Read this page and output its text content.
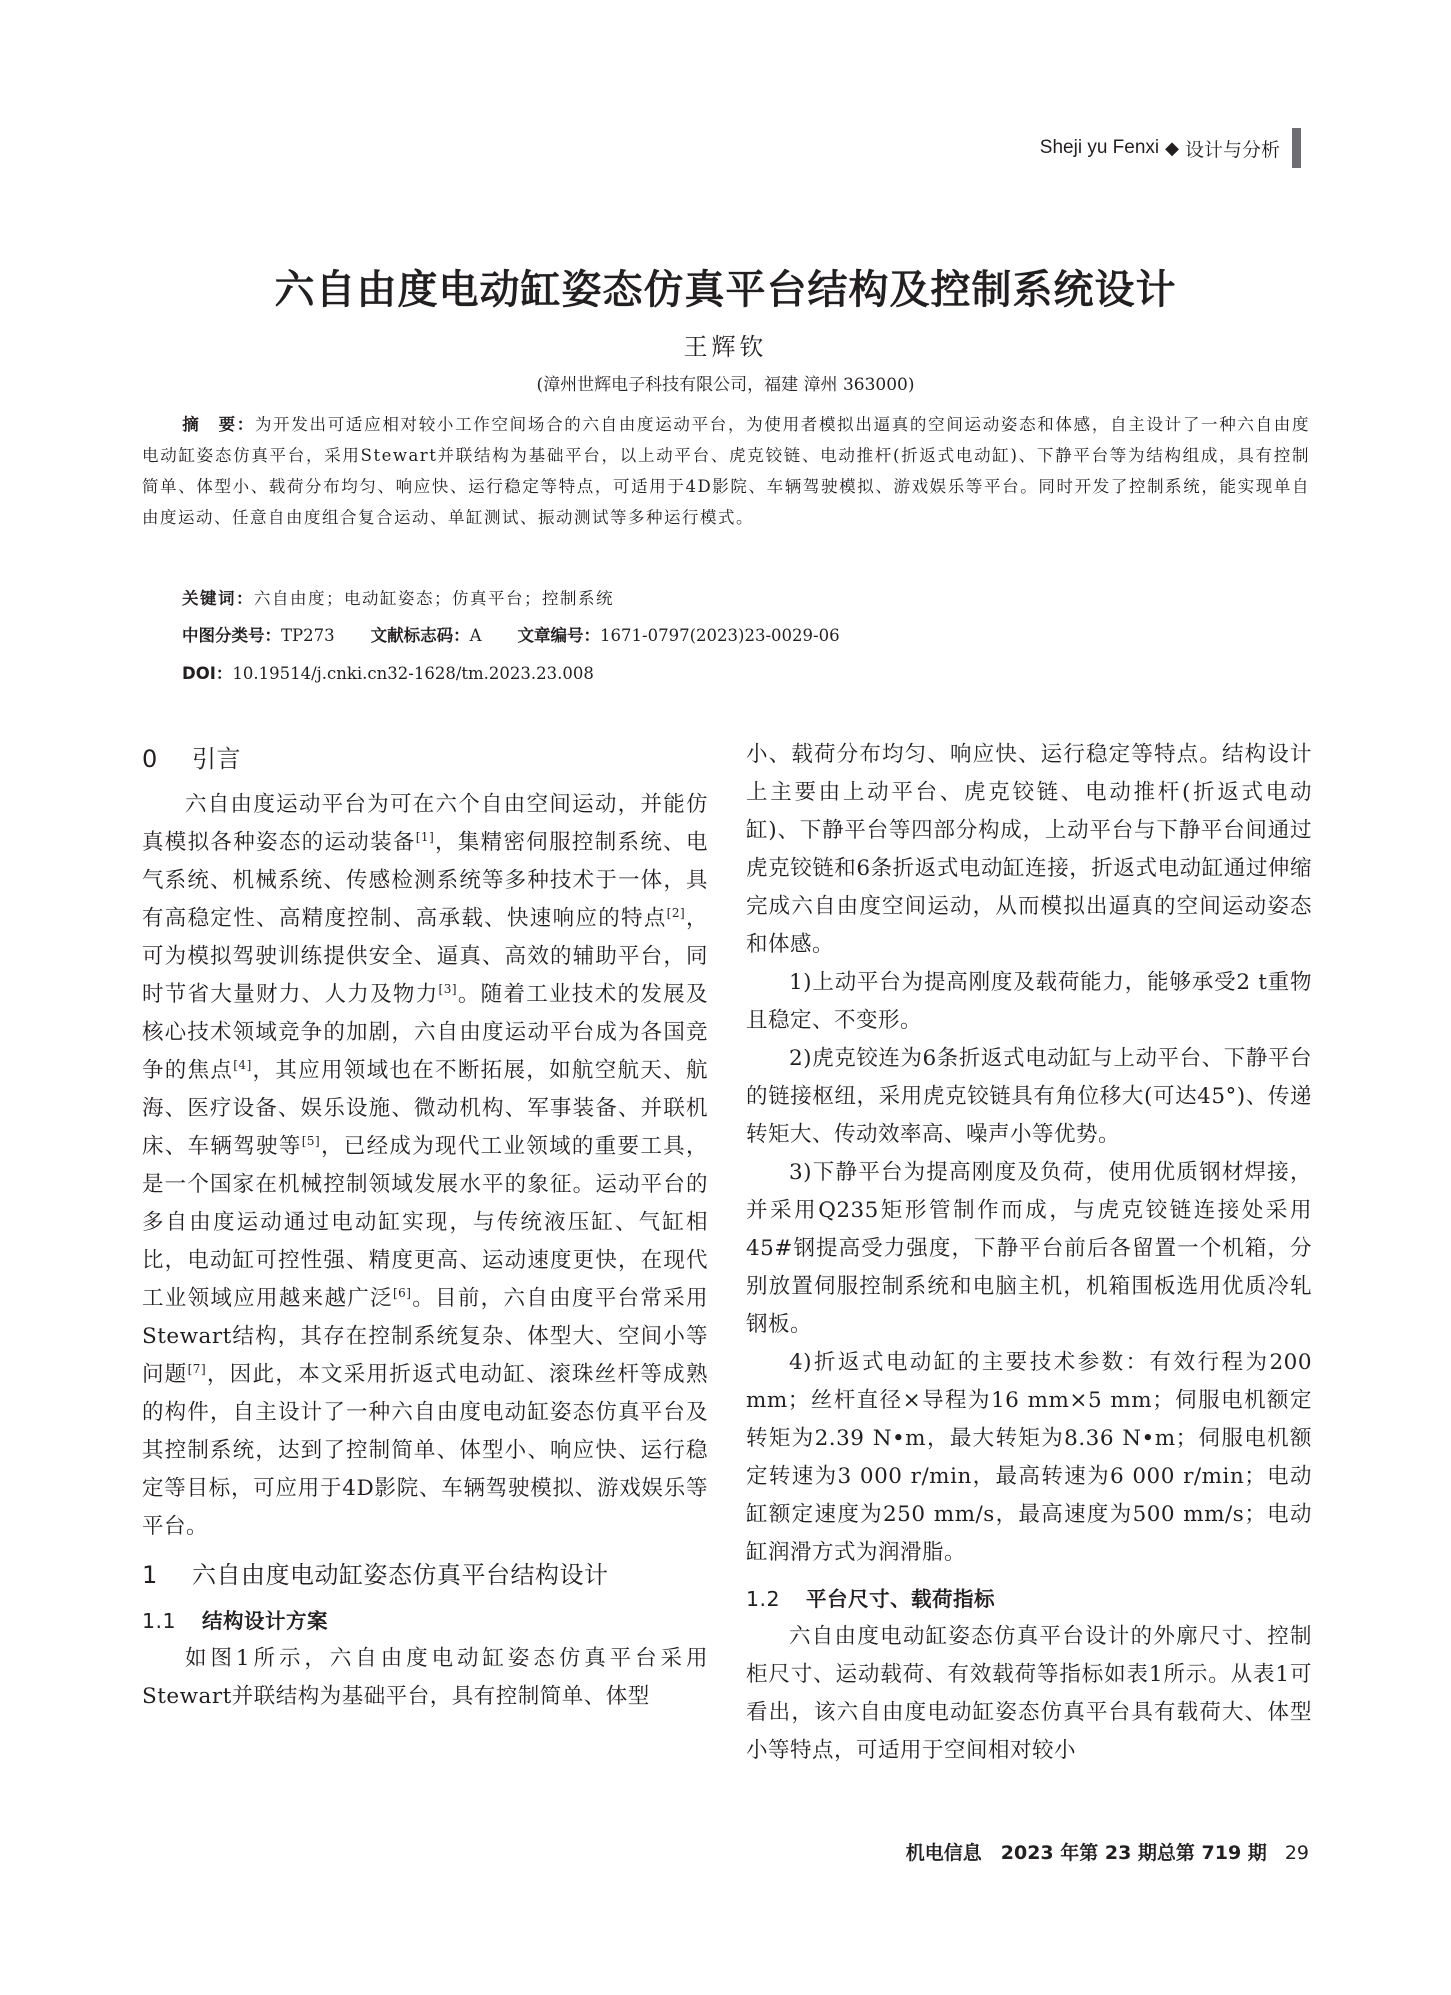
Sheji yu Fenxi ◆ 设计与分析
六自由度电动缸姿态仿真平台结构及控制系统设计
王辉钦
(漳州世辉电子科技有限公司，福建 漳州 363000)

摘　要：为开发出可适应相对较小工作空间场合的六自由度运动平台，为使用者模拟出逼真的空间运动姿态和体感，自主设计了一种六自由度电动缸姿态仿真平台，采用Stewart并联结构为基础平台，以上动平台、虎克铰链、电动推杆(折返式电动缸)、下静平台等为结构组成，具有控制简单、体型小、载荷分布均匀、响应快、运行稳定等特点，可适用于4D影院、车辆驾驶模拟、游戏娱乐等平台。同时开发了控制系统，能实现单自由度运动、任意自由度组合复合运动、单缸测试、振动测试等多种运行模式。

关键词：六自由度；电动缸姿态；仿真平台；控制系统
中图分类号：TP273 文献标志码：A 文章编号：1671-0797(2023)23-0029-06
DOI：10.19514/j.cnki.cn32-1628/tm.2023.23.008
0 引言

六自由度运动平台为可在六个自由空间运动，并能仿真模拟各种姿态的运动装备[1]，集精密伺服控制系统、电气系统、机械系统、传感检测系统等多种技术于一体，具有高稳定性、高精度控制、高承载、快速响应的特点[2]，可为模拟驾驶训练提供安全、逼真、高效的辅助平台，同时节省大量财力、人力及物力[3]。随着工业技术的发展及核心技术领域竞争的加剧，六自由度运动平台成为各国竞争的焦点[4]，其应用领域也在不断拓展，如航空航天、航海、医疗设备、娱乐设施、微动机构、军事装备、并联机床、车辆驾驶等[5]，已经成为现代工业领域的重要工具，是一个国家在机械控制领域发展水平的象征。运动平台的多自由度运动通过电动缸实现，与传统液压缸、气缸相比，电动缸可控性强、精度更高、运动速度更快，在现代工业领域应用越来越广泛[6]。目前，六自由度平台常采用Stewart结构，其存在控制系统复杂、体型大、空间小等问题[7]，因此，本文采用折返式电动缸、滚珠丝杆等成熟的构件，自主设计了一种六自由度电动缸姿态仿真平台及其控制系统，达到了控制简单、体型小、响应快、运行稳定等目标，可应用于4D影院、车辆驾驶模拟、游戏娱乐等平台。

1 六自由度电动缸姿态仿真平台结构设计
1.1 结构设计方案

如图1所示，六自由度电动缸姿态仿真平台采用Stewart并联结构为基础平台，具有控制简单、体型

小、载荷分布均匀、响应快、运行稳定等特点。结构设计上主要由上动平台、虎克铰链、电动推杆(折返式电动缸)、下静平台等四部分构成，上动平台与下静平台间通过虎克铰链和6条折返式电动缸连接，折返式电动缸通过伸缩完成六自由度空间运动，从而模拟出逼真的空间运动姿态和体感。

1)上动平台为提高刚度及载荷能力，能够承受2 t重物且稳定、不变形。

2)虎克铰连为6条折返式电动缸与上动平台、下静平台的链接枢纽，采用虎克铰链具有角位移大(可达45°)、传递转矩大、传动效率高、噪声小等优势。

3)下静平台为提高刚度及负荷，使用优质钢材焊接，并采用Q235矩形管制作而成，与虎克铰链连接处采用45#钢提高受力强度，下静平台前后各留置一个机箱，分别放置伺服控制系统和电脑主机，机箱围板选用优质冷轧钢板。

4)折返式电动缸的主要技术参数：有效行程为200 mm；丝杆直径×导程为16 mm×5 mm；伺服电机额定转矩为2.39 N•m，最大转矩为8.36 N•m；伺服电机额定转速为3 000 r/min，最高转速为6 000 r/min；电动缸额定速度为250 mm/s，最高速度为500 mm/s；电动缸润滑方式为润滑脂。

1.2 平台尺寸、载荷指标

六自由度电动缸姿态仿真平台设计的外廓尺寸、控制柜尺寸、运动载荷、有效载荷等指标如表1所示。从表1可看出，该六自由度电动缸姿态仿真平台具有载荷大、体型小等特点，可适用于空间相对较小

机电信息　2023 年第 23 期总第 719 期 29
